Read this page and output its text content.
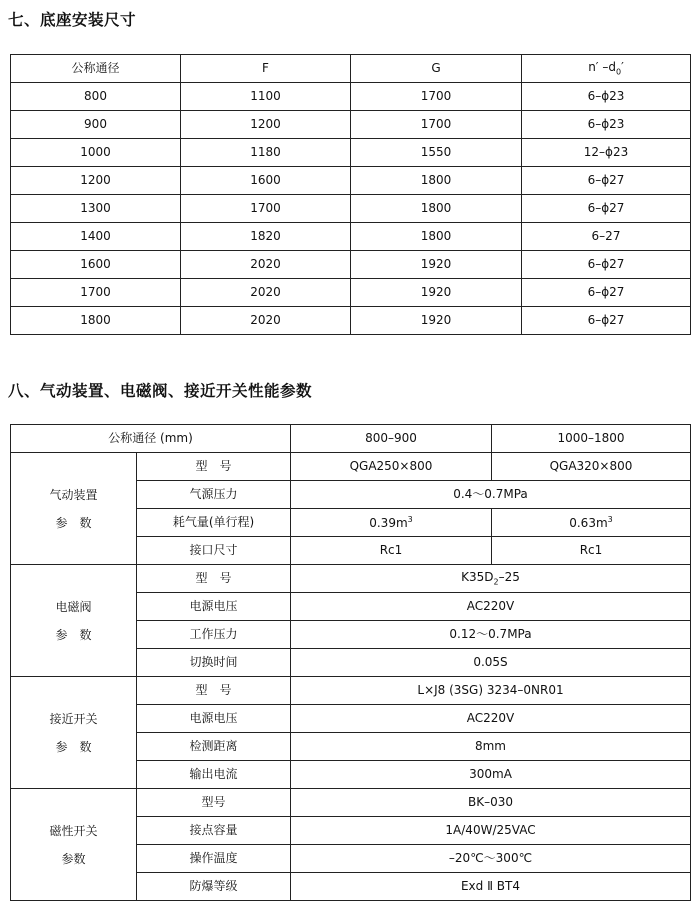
七、底座安装尺寸
公称通径	F	G	n′ $-d_0'$
800	1100	1700	6–ϕ23
900	1200	1700	6–ϕ23
1000	1180	1550	12–ϕ23
1200	1600	1800	6–ϕ27
1300	1700	1800	6–ϕ27
1400	1820	1800	6–27
1600	2020	1920	6–ϕ27
1700	2020	1920	6–ϕ27
1800	2020	1920	6–ϕ27
八、气动装置、电磁阀、接近开关性能参数
公称通径 (mm)		800–900	1000–1800

气动装置
参　数	型　号	QGA250×800	QGA320×800
	气源压力	0.4～0.7MPa	
	耗气量(单行程)	$0.39m^3$	$0.63m^3$
	接口尺寸	Rc1	Rc1

电磁阀
参　数	型　号	$K35D_2-25$	
	电源电压	AC220V	
	工作压力	0.12～0.7MPa	
	切换时间	0.05S	

接近开关
参　数	型　号	L×J8 (3SG) 3234–0NR01	
	电源电压	AC220V	
	检测距离	8mm	
	输出电流	300mA	

磁性开关
参数	型号	BK–030	
	接点容量	1A/40W/25VAC	
	操作温度	–20℃～300℃	
	防爆等级	Exd Ⅱ BT4	
